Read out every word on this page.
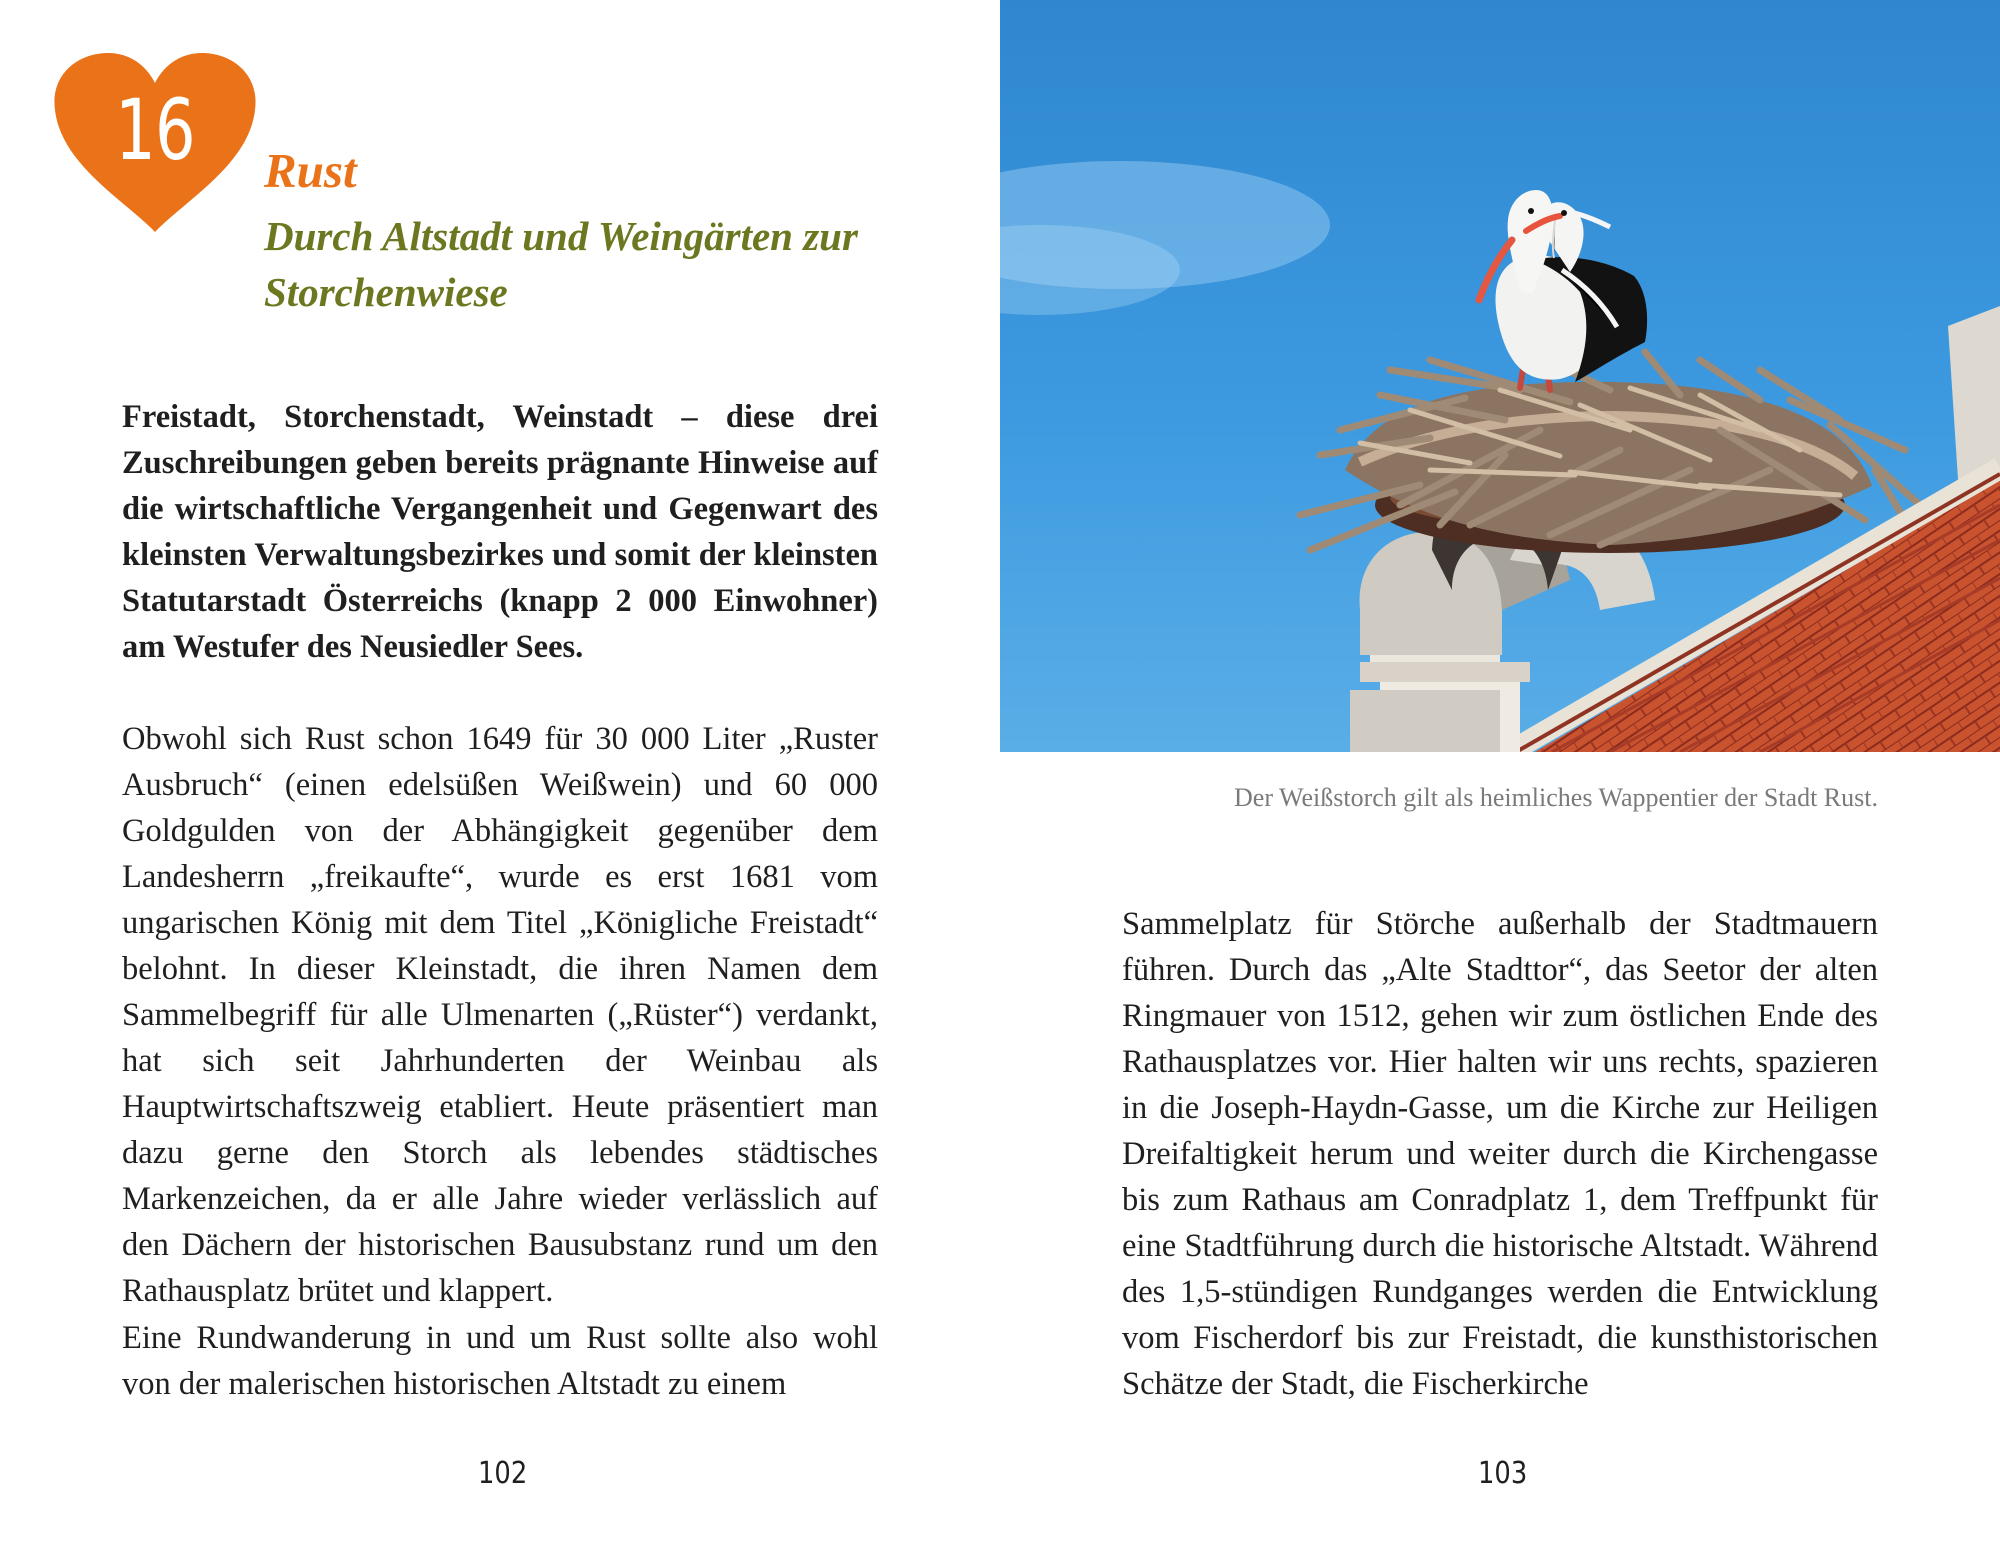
16	Rust
Durch Altstadt und Weingärten zur Storchenwiese

Freistadt, Storchenstadt, Weinstadt – diese drei Zuschreibungen geben bereits prägnante Hinweise auf die wirtschaftliche Vergangenheit und Gegenwart des kleinsten Verwaltungsbezirkes und somit der kleinsten Statutarstadt Österreichs (knapp 2 000 Einwohner) am Westufer des Neusiedler Sees.

Obwohl sich Rust schon 1649 für 30 000 Liter „Ruster Ausbruch“ (einen edelsüßen Weißwein) und 60 000 Goldgulden von der Abhängigkeit gegenüber dem Landesherrn „freikaufte“, wurde es erst 1681 vom ungarischen König mit dem Titel „Königliche Freistadt“ belohnt. In dieser Kleinstadt, die ihren Namen dem Sammelbegriff für alle Ulmenarten („Rüster“) verdankt, hat sich seit Jahrhunderten der Weinbau als Hauptwirtschaftszweig etabliert. Heute präsentiert man dazu gerne den Storch als lebendes städtisches Markenzeichen, da er alle Jahre wieder verlässlich auf den Dächern der historischen Bausubstanz rund um den Rathausplatz brütet und klappert.

Eine Rundwanderung in und um Rust sollte also wohl von der malerischen historischen Altstadt zu einem

102

Der Weißstorch gilt als heimliches Wappentier der Stadt Rust.

Sammelplatz für Störche außerhalb der Stadtmauern führen. Durch das „Alte Stadttor“, das Seetor der alten Ringmauer von 1512, gehen wir zum östlichen Ende des Rathausplatzes vor. Hier halten wir uns rechts, spazieren in die Joseph-Haydn-Gasse, um die Kirche zur Heiligen Dreifaltigkeit herum und weiter durch die Kirchengasse bis zum Rathaus am Conradplatz 1, dem Treffpunkt für eine Stadtführung durch die historische Altstadt. Während des 1,5-stündigen Rundganges werden die Entwicklung vom Fischerdorf bis zur Freistadt, die kunsthistorischen Schätze der Stadt, die Fischerkirche

103
